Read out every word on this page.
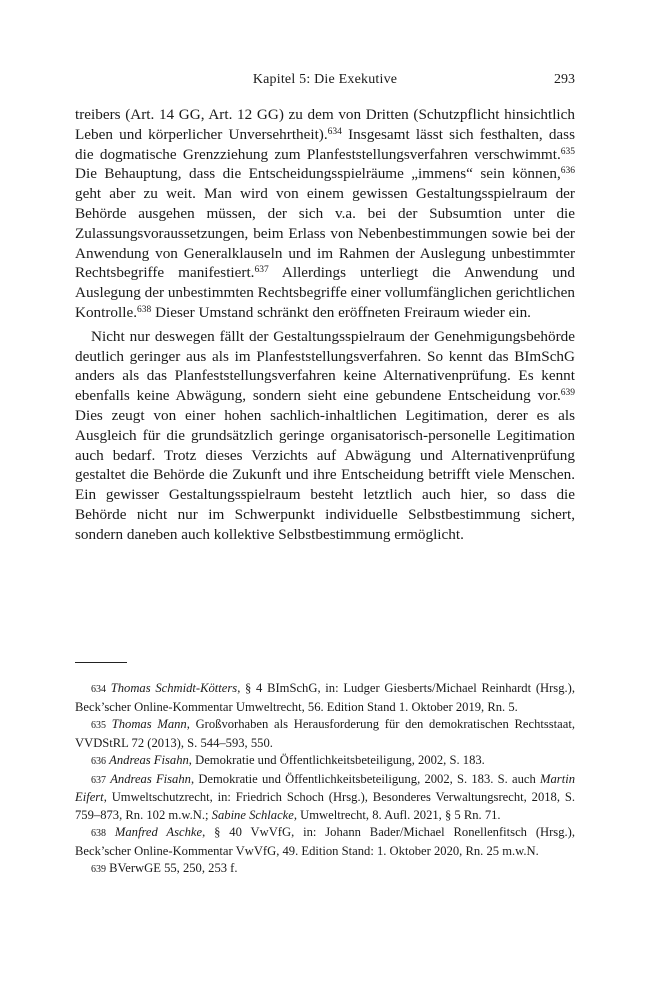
Kapitel 5: Die Exekutive	293

treibers (Art. 14 GG, Art. 12 GG) zu dem von Dritten (Schutzpflicht hinsichtlich Leben und körperlicher Unversehrtheit).$^{634}$ Insgesamt lässt sich festhalten, dass die dogmatische Grenzziehung zum Planfeststellungsverfahren verschwimmt.$^{635}$ Die Behauptung, dass die Entscheidungsspielräume „immens“ sein können,$^{636}$ geht aber zu weit. Man wird von einem gewissen Gestaltungsspielraum der Behörde ausgehen müssen, der sich v.a. bei der Subsumtion unter die Zulassungsvoraussetzungen, beim Erlass von Nebenbestimmungen sowie bei der Anwendung von Generalklauseln und im Rahmen der Auslegung unbestimmter Rechtsbegriffe manifestiert.$^{637}$ Allerdings unterliegt die Anwendung und Auslegung der unbestimmten Rechtsbegriffe einer vollumfänglichen gerichtlichen Kontrolle.$^{638}$ Dieser Umstand schränkt den eröffneten Freiraum wieder ein.

Nicht nur deswegen fällt der Gestaltungsspielraum der Genehmigungsbehörde deutlich geringer aus als im Planfeststellungsverfahren. So kennt das BImSchG anders als das Planfeststellungsverfahren keine Alternativenprüfung. Es kennt ebenfalls keine Abwägung, sondern sieht eine gebundene Entscheidung vor.$^{639}$ Dies zeugt von einer hohen sachlich-inhaltlichen Legitimation, derer es als Ausgleich für die grundsätzlich geringe organisatorisch-personelle Legitimation auch bedarf. Trotz dieses Verzichts auf Abwägung und Alternativenprüfung gestaltet die Behörde die Zukunft und ihre Entscheidung betrifft viele Menschen. Ein gewisser Gestaltungsspielraum besteht letztlich auch hier, so dass die Behörde nicht nur im Schwerpunkt individuelle Selbstbestimmung sichert, sondern daneben auch kollektive Selbstbestimmung ermöglicht.

634 Thomas Schmidt-Kötters, § 4 BImSchG, in: Ludger Giesberts/Michael Reinhardt (Hrsg.), Beck’scher Online-Kommentar Umweltrecht, 56. Edition Stand 1. Oktober 2019, Rn. 5.

635 Thomas Mann, Großvorhaben als Herausforderung für den demokratischen Rechtsstaat, VVDStRL 72 (2013), S. 544–593, 550.

636 Andreas Fisahn, Demokratie und Öffentlichkeitsbeteiligung, 2002, S. 183.

637 Andreas Fisahn, Demokratie und Öffentlichkeitsbeteiligung, 2002, S. 183. S. auch Martin Eifert, Umweltschutzrecht, in: Friedrich Schoch (Hrsg.), Besonderes Verwaltungsrecht, 2018, S. 759–873, Rn. 102 m.w.N.; Sabine Schlacke, Umweltrecht, 8. Aufl. 2021, § 5 Rn. 71.

638 Manfred Aschke, § 40 VwVfG, in: Johann Bader/Michael Ronellenfitsch (Hrsg.), Beck’scher Online-Kommentar VwVfG, 49. Edition Stand: 1. Oktober 2020, Rn. 25 m.w.N.

639 BVerwGE 55, 250, 253 f.
